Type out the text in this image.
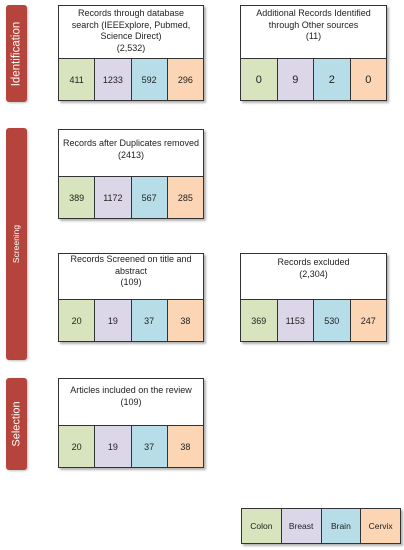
Identification
Screening
Selection
Records through database
search (IEEExplore, Pubmed,
Science Direct)
(2,532)
411	1233	592	296
Additional Records Identified
through Other sources
(11)
0	9	2	0
Records after Duplicates removed
(2413)
389	1172	567	285
Records Screened on title and
abstract
(109)
20	19	37	38
Records excluded
(2,304)
369	1153	530	247
Articles included on the review
(109)
20	19	37	38
Colon	Breast	Brain	Cervix
